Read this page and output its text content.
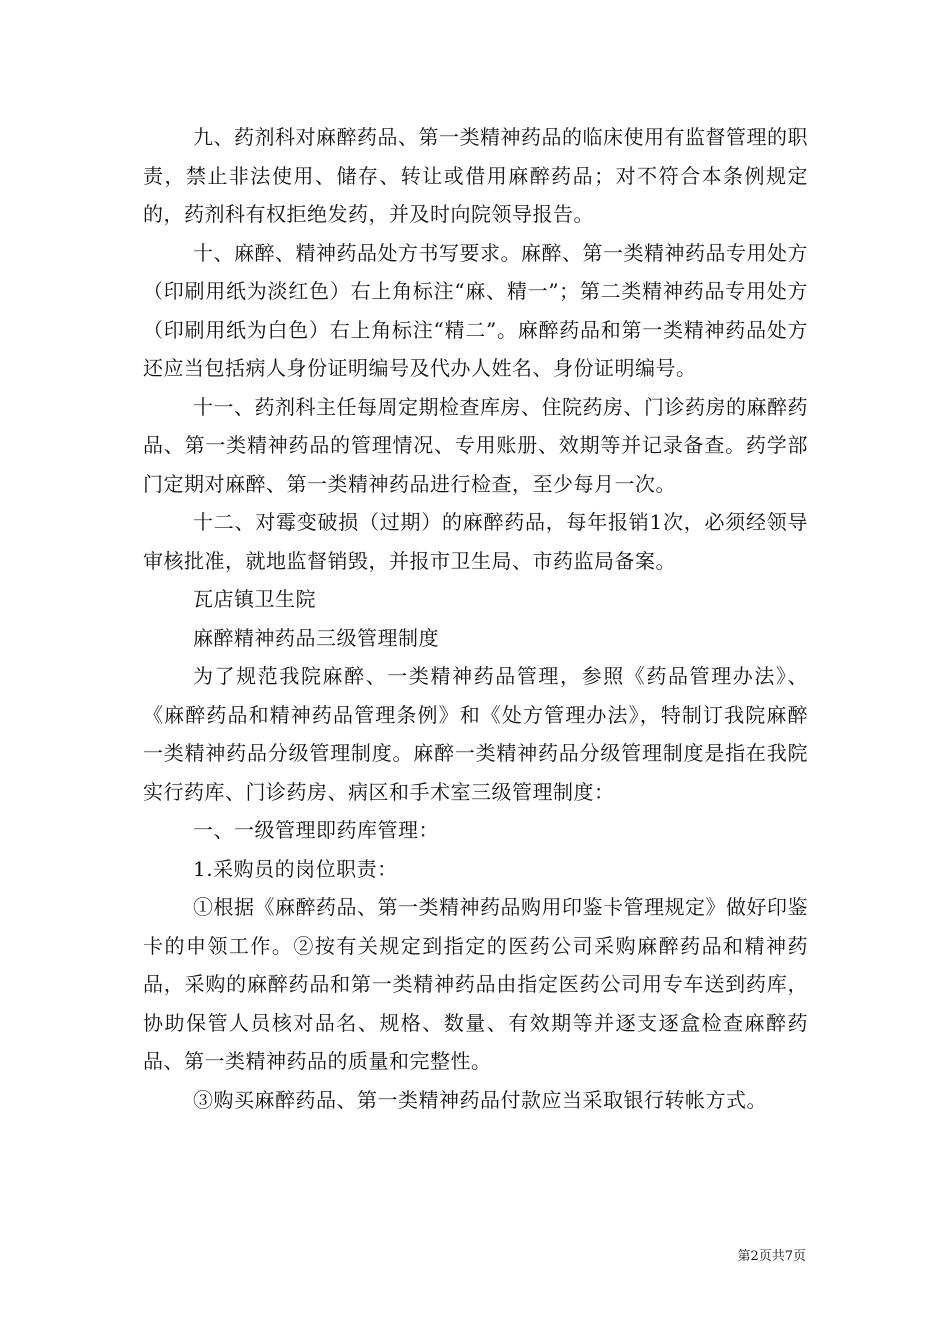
九、药剂科对麻醉药品、第一类精神药品的临床使用有监督管理的职责，禁止非法使用、储存、转让或借用麻醉药品；对不符合本条例规定的，药剂科有权拒绝发药，并及时向院领导报告。

十、麻醉、精神药品处方书写要求。麻醉、第一类精神药品专用处方（印刷用纸为淡红色）右上角标注“麻、精一”；第二类精神药品专用处方（印刷用纸为白色）右上角标注“精二”。麻醉药品和第一类精神药品处方还应当包括病人身份证明编号及代办人姓名、身份证明编号。

十一、药剂科主任每周定期检查库房、住院药房、门诊药房的麻醉药品、第一类精神药品的管理情况、专用账册、效期等并记录备查。药学部门定期对麻醉、第一类精神药品进行检查，至少每月一次。

十二、对霉变破损（过期）的麻醉药品，每年报销1次，必须经领导审核批准，就地监督销毁，并报市卫生局、市药监局备案。

瓦店镇卫生院

麻醉精神药品三级管理制度

为了规范我院麻醉、一类精神药品管理，参照《药品管理办法》、《麻醉药品和精神药品管理条例》和《处方管理办法》，特制订我院麻醉一类精神药品分级管理制度。麻醉一类精神药品分级管理制度是指在我院实行药库、门诊药房、病区和手术室三级管理制度：

一、一级管理即药库管理：

1.采购员的岗位职责：

①根据《麻醉药品、第一类精神药品购用印鉴卡管理规定》做好印鉴卡的申领工作。②按有关规定到指定的医药公司采购麻醉药品和精神药品，采购的麻醉药品和第一类精神药品由指定医药公司用专车送到药库，协助保管人员核对品名、规格、数量、有效期等并逐支逐盒检查麻醉药品、第一类精神药品的质量和完整性。

③购买麻醉药品、第一类精神药品付款应当采取银行转帐方式。

第2页共7页
